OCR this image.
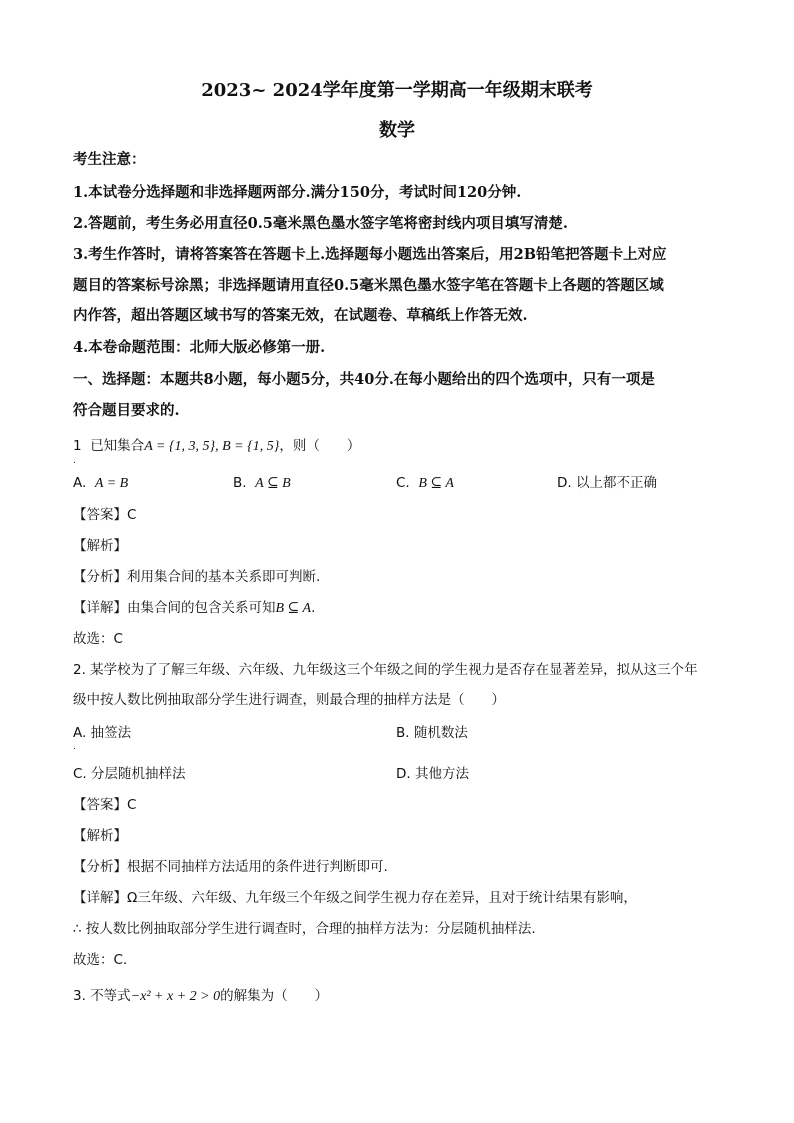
2023~ 2024学年度第一学期高一年级期末联考
数学
考生注意：
1.本试卷分选择题和非选择题两部分.满分150分，考试时间120分钟.
2.答题前，考生务必用直径0.5毫米黑色墨水签字笔将密封线内项目填写清楚.
3.考生作答时，请将答案答在答题卡上.选择题每小题选出答案后，用2B铅笔把答题卡上对应
题目的答案标号涂黑；非选择题请用直径0.5毫米黑色墨水签字笔在答题卡上各题的答题区域
内作答，超出答题区域书写的答案无效，在试题卷、草稿纸上作答无效.
4.本卷命题范围：北师大版必修第一册.
一、选择题：本题共8小题，每小题5分，共40分.在每小题给出的四个选项中，只有一项是
符合题目要求的.
1 已知集合A = {1, 3, 5}, B = {1, 5}，则（　　）
.
A. A = B	B. A ⊆ B	C. B ⊆ A	D. 以上都不正确
【答案】C
【解析】
【分析】利用集合间的基本关系即可判断.
【详解】由集合间的包含关系可知B ⊆ A.
故选：C
2. 某学校为了了解三年级、六年级、九年级这三个年级之间的学生视力是否存在显著差异，拟从这三个年
级中按人数比例抽取部分学生进行调查，则最合理的抽样方法是（　　）
A. 抽签法
.
B. 随机数法
C. 分层随机抽样法	D. 其他方法
【答案】C
【解析】
【分析】根据不同抽样方法适用的条件进行判断即可.
【详解】Ω三年级、六年级、九年级三个年级之间学生视力存在差异，且对于统计结果有影响，
∴ 按人数比例抽取部分学生进行调查时，合理的抽样方法为：分层随机抽样法.
故选：C.
3. 不等式−x² + x + 2 > 0的解集为（　　）
